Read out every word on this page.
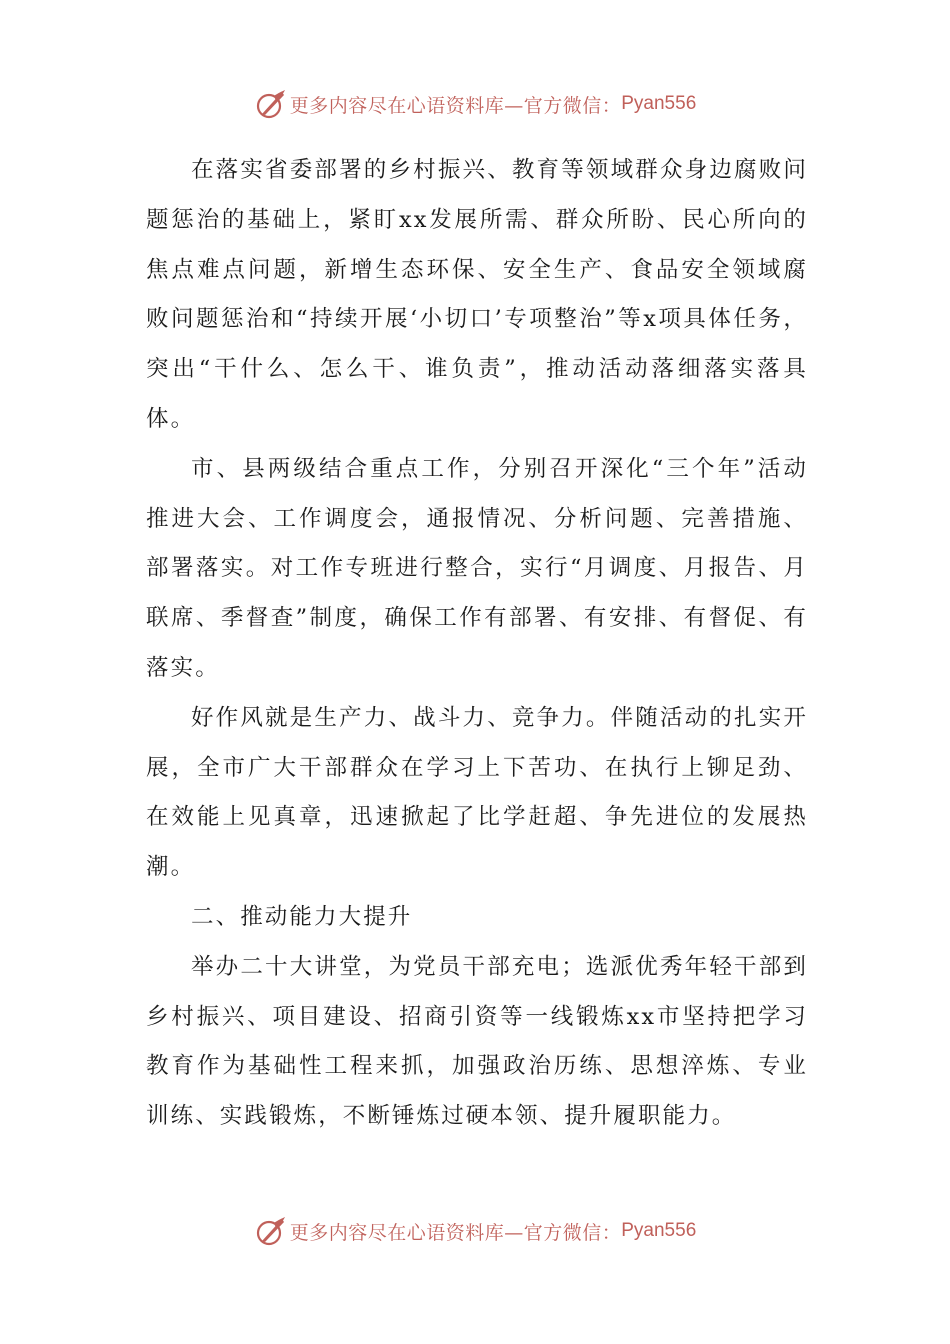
更多内容尽在心语资料库—官方微信： Pyan556

在落实省委部署的乡村振兴、教育等领域群众身边腐败问题惩治的基础上，紧盯xx发展所需、群众所盼、民心所向的焦点难点问题，新增生态环保、安全生产、食品安全领域腐败问题惩治和“持续开展‘小切口’专项整治”等x项具体任务，突出“干什么、怎么干、谁负责”，推动活动落细落实落具体。

市、县两级结合重点工作，分别召开深化“三个年”活动推进大会、工作调度会，通报情况、分析问题、完善措施、部署落实。对工作专班进行整合，实行“月调度、月报告、月联席、季督查”制度，确保工作有部署、有安排、有督促、有落实。

好作风就是生产力、战斗力、竞争力。伴随活动的扎实开展，全市广大干部群众在学习上下苦功、在执行上铆足劲、在效能上见真章，迅速掀起了比学赶超、争先进位的发展热潮。

二、推动能力大提升

举办二十大讲堂，为党员干部充电；选派优秀年轻干部到乡村振兴、项目建设、招商引资等一线锻炼xx市坚持把学习教育作为基础性工程来抓，加强政治历练、思想淬炼、专业训练、实践锻炼，不断锤炼过硬本领、提升履职能力。

更多内容尽在心语资料库—官方微信： Pyan556
